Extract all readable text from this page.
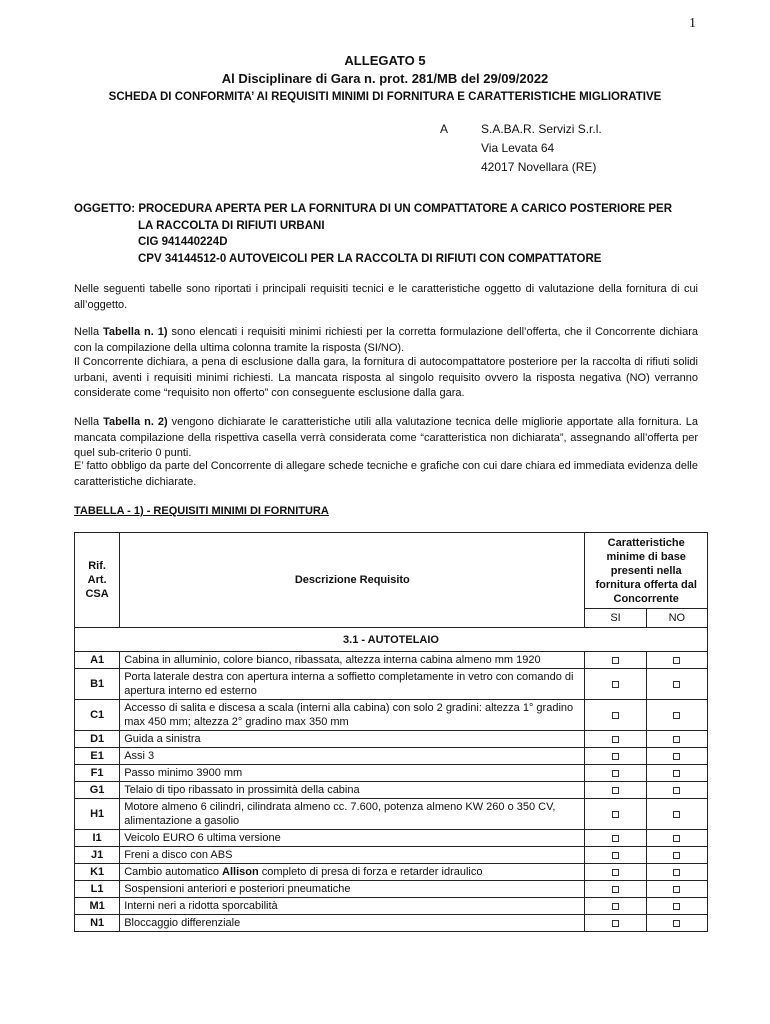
1
ALLEGATO 5
Al Disciplinare di Gara n. prot. 281/MB del 29/09/2022
SCHEDA DI CONFORMITA’ AI REQUISITI MINIMI DI FORNITURA E CARATTERISTICHE MIGLIORATIVE
A	S.A.BA.R. Servizi S.r.l.
Via Levata 64
42017 Novellara (RE)
OGGETTO: PROCEDURA APERTA PER LA FORNITURA DI UN COMPATTATORE A CARICO POSTERIORE PER
LA RACCOLTA DI RIFIUTI URBANI
CIG 941440224D
CPV 34144512-0 AUTOVEICOLI PER LA RACCOLTA DI RIFIUTI CON COMPATTATORE
Nelle seguenti tabelle sono riportati i principali requisiti tecnici e le caratteristiche oggetto di valutazione della fornitura di cui all’oggetto.
Nella Tabella n. 1) sono elencati i requisiti minimi richiesti per la corretta formulazione dell’offerta, che il Concorrente dichiara con la compilazione della ultima colonna tramite la risposta (SI/NO).
Il Concorrente dichiara, a pena di esclusione dalla gara, la fornitura di autocompattatore posteriore per la raccolta di rifiuti solidi urbani, aventi i requisiti minimi richiesti. La mancata risposta al singolo requisito ovvero la risposta negativa (NO) verranno considerate come “requisito non offerto” con conseguente esclusione dalla gara.
Nella Tabella n. 2) vengono dichiarate le caratteristiche utili alla valutazione tecnica delle migliorie apportate alla fornitura. La mancata compilazione della rispettiva casella verrà considerata come “caratteristica non dichiarata”, assegnando all’offerta per quel sub-criterio 0 punti.
E’ fatto obbligo da parte del Concorrente di allegare schede tecniche e grafiche con cui dare chiara ed immediata evidenza delle caratteristiche dichiarate.
TABELLA - 1) - REQUISITI MINIMI DI FORNITURA
Rif. Art. CSA	Descrizione Requisito	Caratteristiche minime di base presenti nella fornitura offerta dal Concorrente	
		SI	NO
3.1 - AUTOTELAIO			
A1	Cabina in alluminio, colore bianco, ribassata, altezza interna cabina almeno mm 1920		
B1	Porta laterale destra con apertura interna a soffietto completamente in vetro con comando di apertura interno ed esterno		
C1	Accesso di salita e discesa a scala (interni alla cabina) con solo 2 gradini: altezza 1° gradino max 450 mm; altezza 2° gradino max 350 mm		
D1	Guida a sinistra		
E1	Assi 3		
F1	Passo minimo 3900 mm		
G1	Telaio di tipo ribassato in prossimità della cabina		
H1	Motore almeno 6 cilindri, cilindrata almeno cc. 7.600, potenza almeno KW 260 o 350 CV, alimentazione a gasolio		
I1	Veicolo EURO 6 ultima versione		
J1	Freni a disco con ABS		
K1	Cambio automatico Allison completo di presa di forza e retarder idraulico		
L1	Sospensioni anteriori e posteriori pneumatiche		
M1	Interni neri a ridotta sporcabilità		
N1	Bloccaggio differenziale		
